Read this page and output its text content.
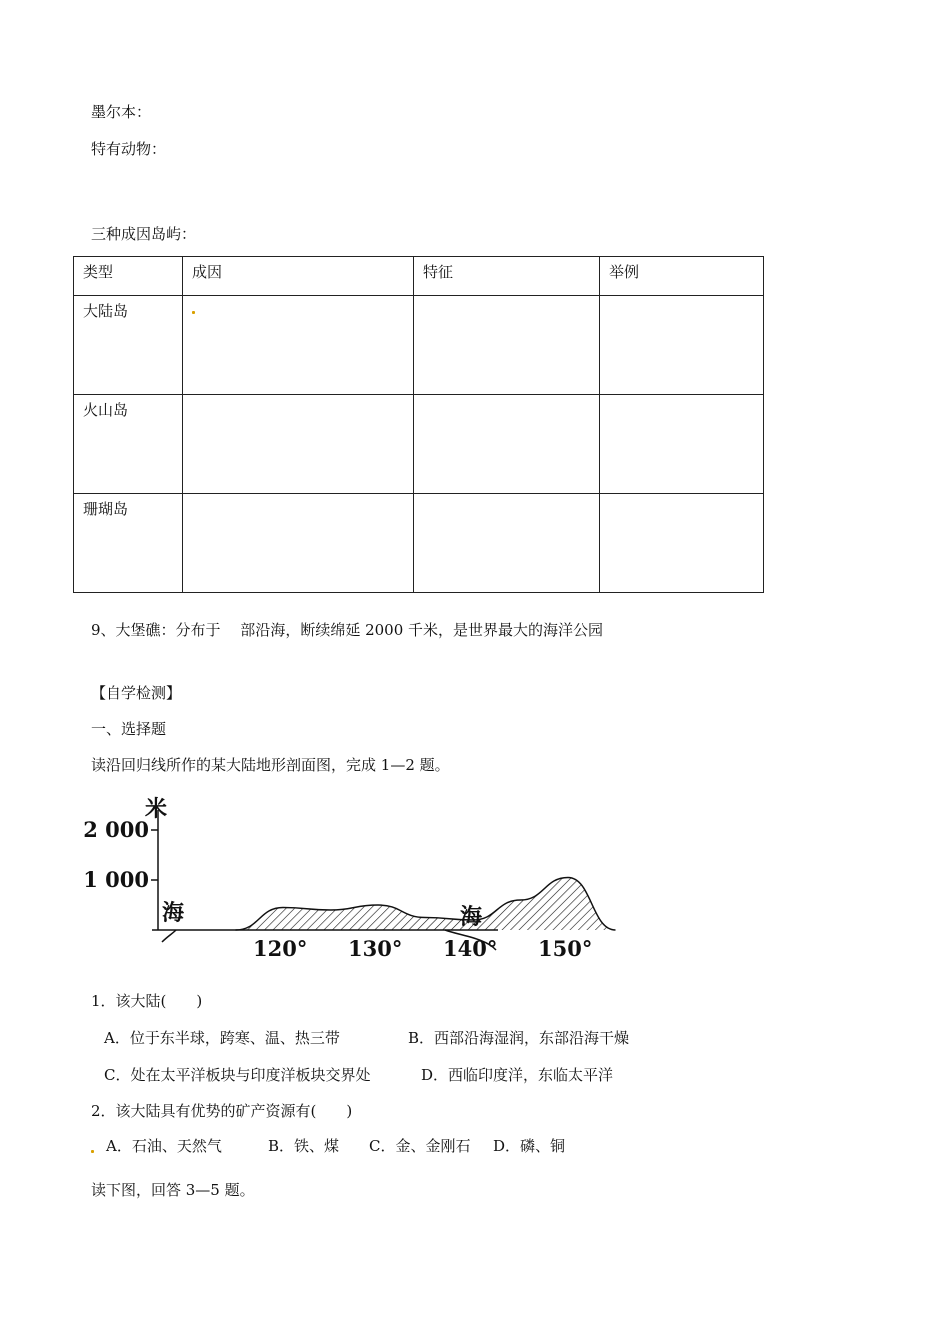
墨尔本：
特有动物：
三种成因岛屿：
类型	成因	特征	举例
大陆岛			
火山岛			
珊瑚岛			
9、大堡礁：分布于　 部沿海，断续绵延 2000 千米，是世界最大的海洋公园
【自学检测】
一、选择题
读沿回归线所作的某大陆地形剖面图，完成 1—2 题。
米
2 000
1 000
海	海
120° 130° 140° 150°
1．该大陆(　　)
A．位于东半球，跨寒、温、热三带	B．西部沿海湿润，东部沿海干燥
C．处在太平洋板块与印度洋板块交界处	D．西临印度洋，东临太平洋
2．该大陆具有优势的矿产资源有(　　)
A．石油、天然气	B．铁、煤 C．金、金刚石 D．磷、铜
读下图，回答 3—5 题。
